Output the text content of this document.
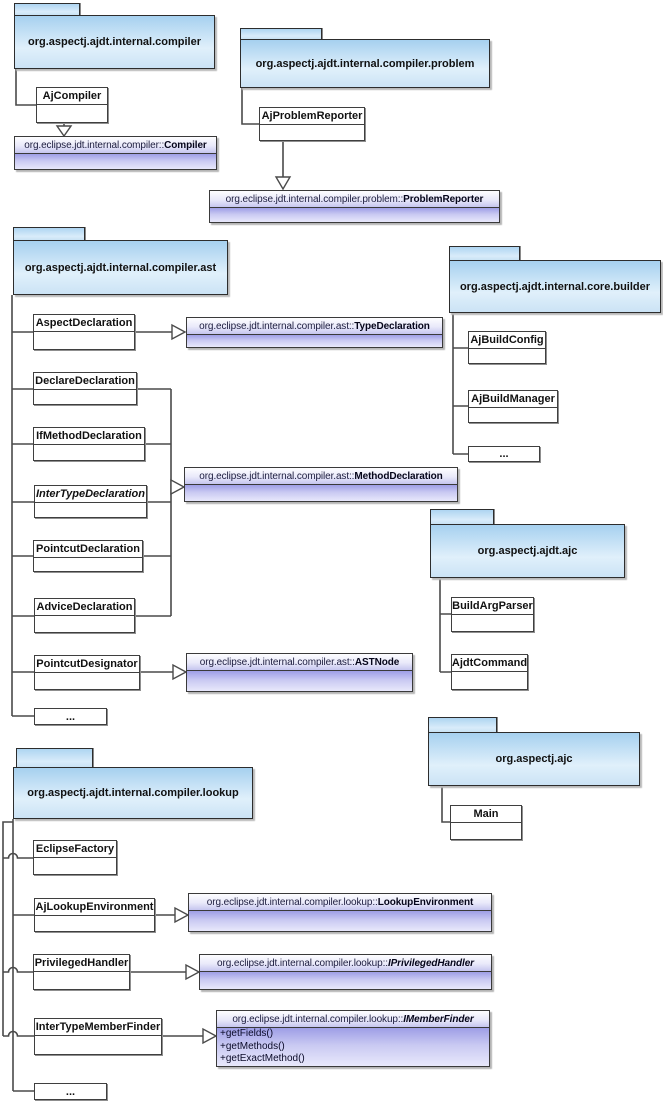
org.aspectj.ajdt.internal.compiler
org.aspectj.ajdt.internal.compiler.problem
org.aspectj.ajdt.internal.compiler.ast
org.aspectj.ajdt.internal.core.builder
org.aspectj.ajdt.ajc
org.aspectj.ajc
org.aspectj.ajdt.internal.compiler.lookup
AjCompiler
AjProblemReporter
AspectDeclaration
DeclareDeclaration
IfMethodDeclaration
InterTypeDeclaration
PointcutDeclaration
AdviceDeclaration
PointcutDesignator
...
AjBuildConfig
AjBuildManager
...
BuildArgParser
AjdtCommand
Main
EclipseFactory
AjLookupEnvironment
PrivilegedHandler
InterTypeMemberFinder
...
org.eclipse.jdt.internal.compiler:: Compiler
org.eclipse.jdt.internal.compiler.problem:: ProblemReporter
org.eclipse.jdt.internal.compiler.ast:: TypeDeclaration
org.eclipse.jdt.internal.compiler.ast:: MethodDeclaration
org.eclipse.jdt.internal.compiler.ast:: ASTNode
org.eclipse.jdt.internal.compiler.lookup:: LookupEnvironment
org.eclipse.jdt.internal.compiler.lookup:: IPrivilegedHandler
org.eclipse.jdt.internal.compiler.lookup:: IMemberFinder
+getFields()
+getMethods()
+getExactMethod()
